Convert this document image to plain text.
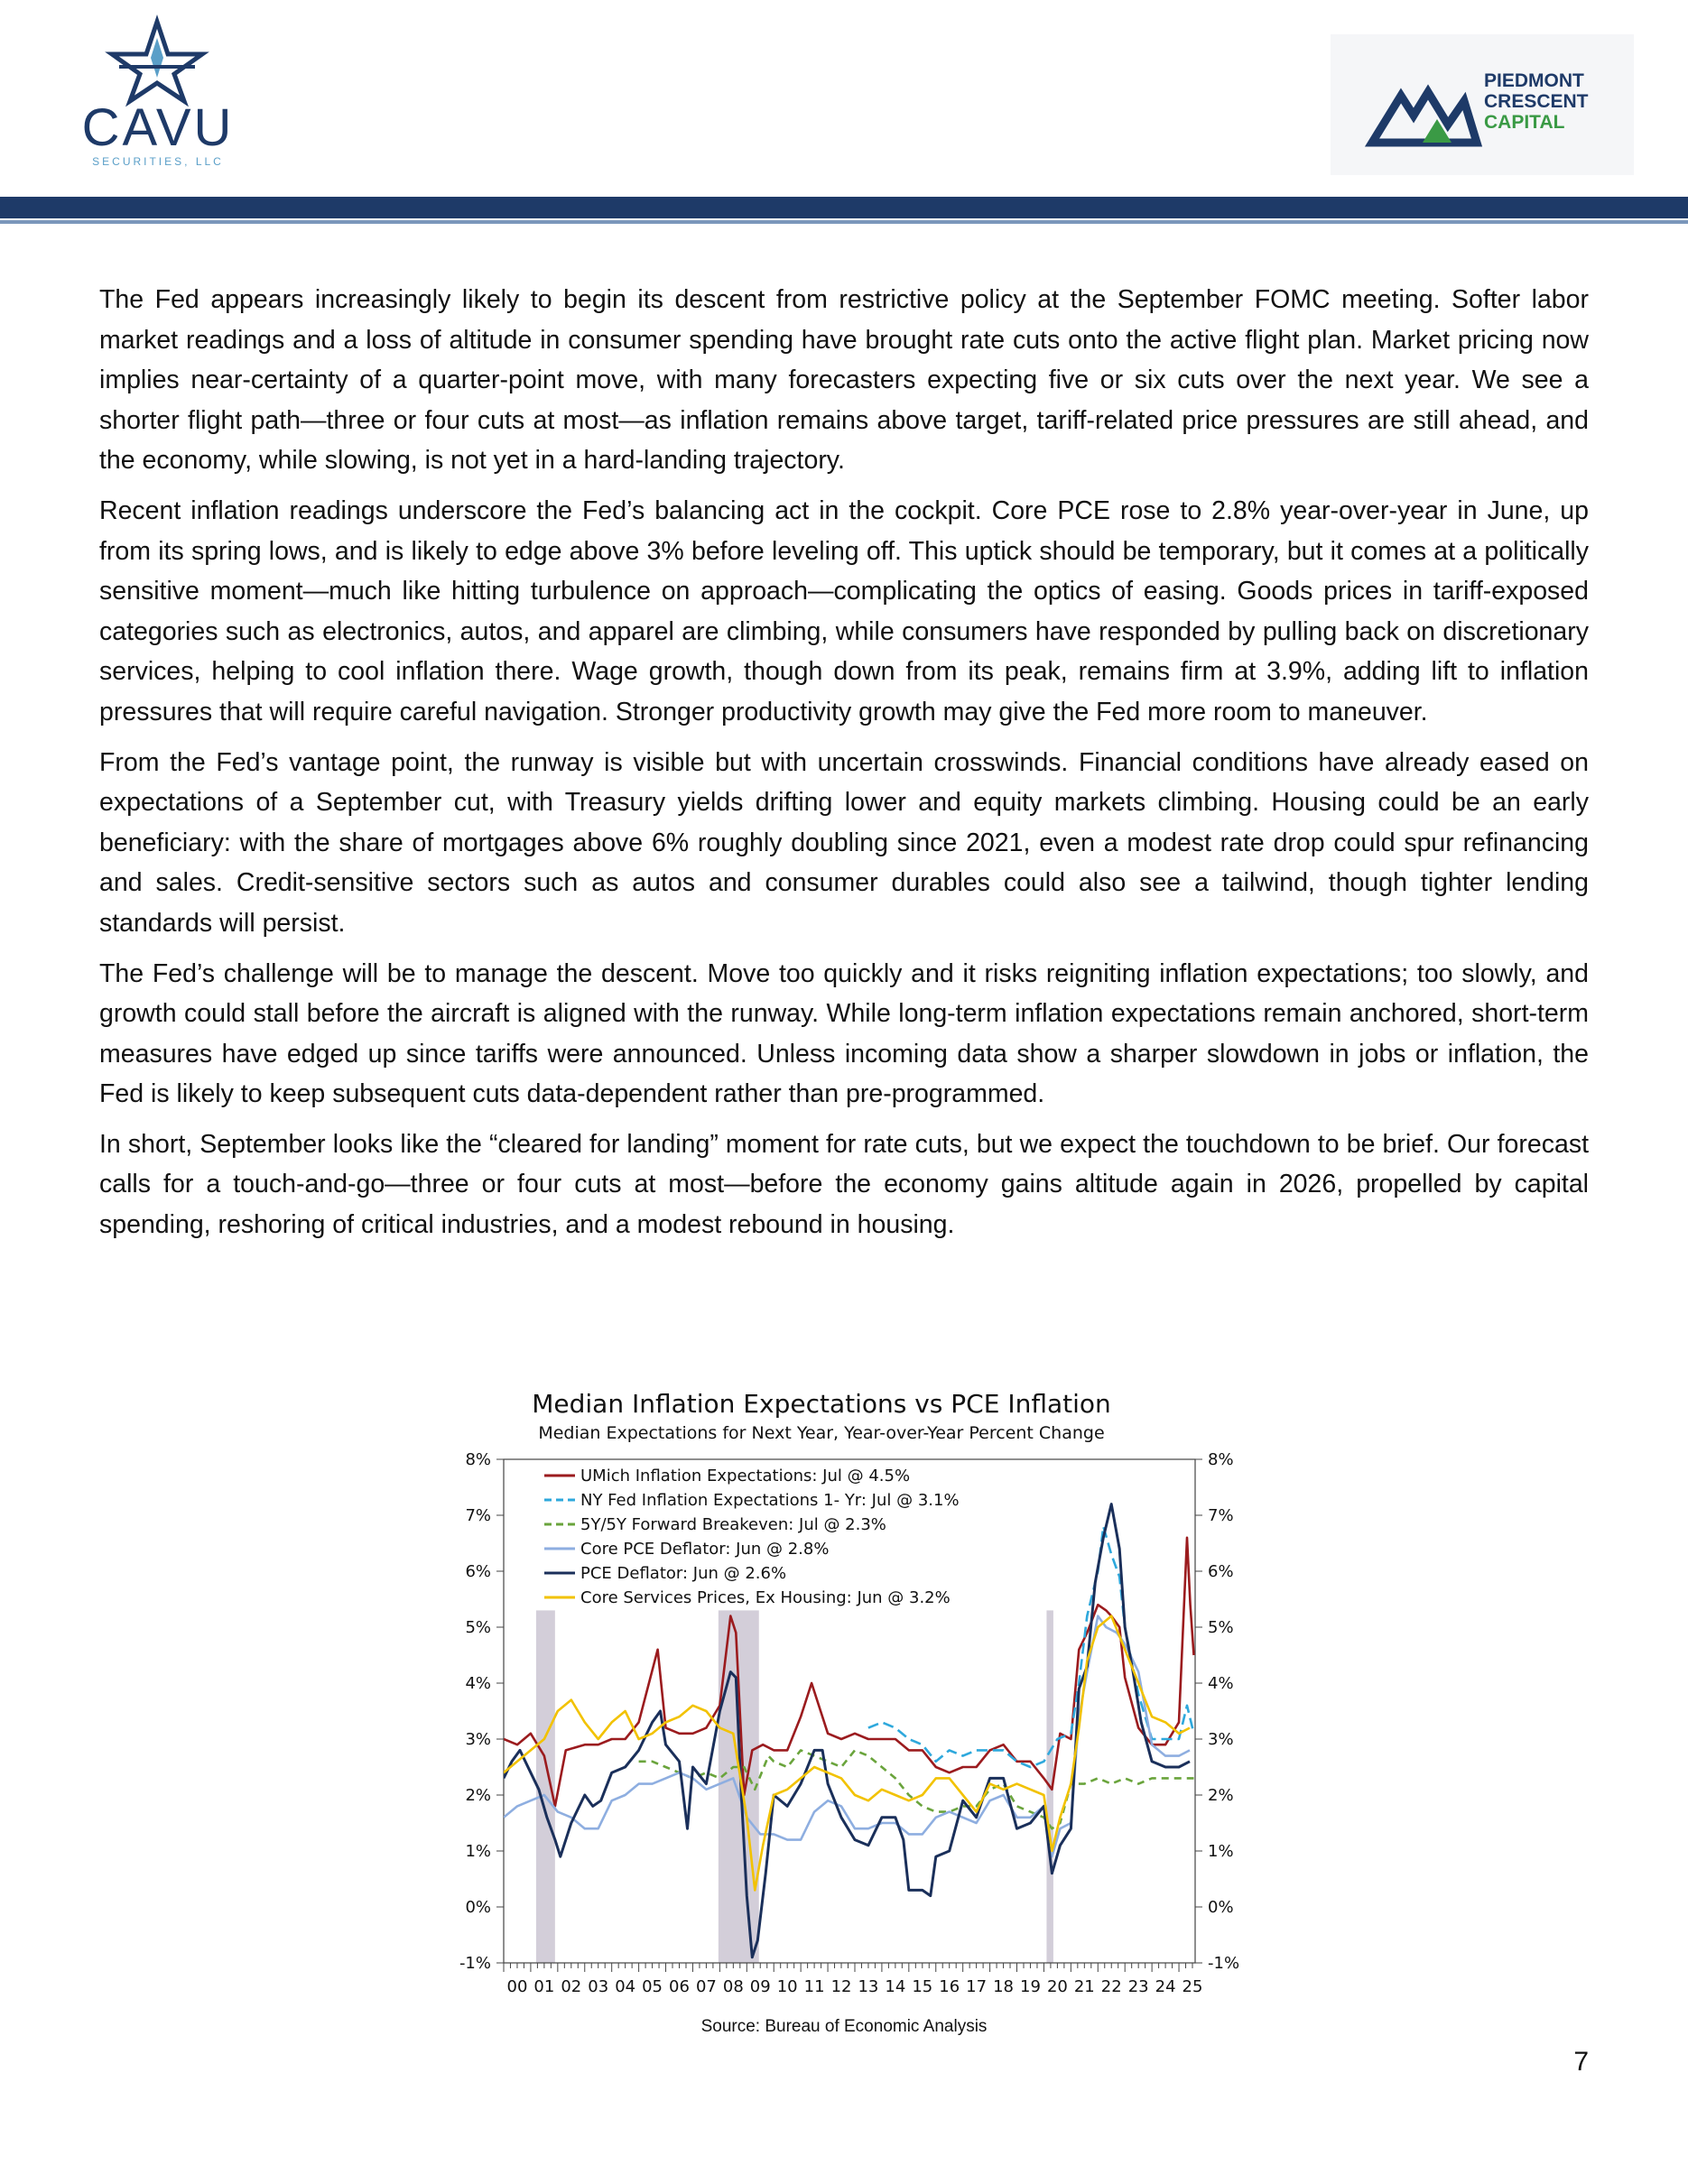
CAVU
SECURITIES, LLC
PIEDMONT
CRESCENT
CAPITAL

The Fed appears increasingly likely to begin its descent from restrictive policy at the September FOMC meeting. Softer labor market readings and a loss of altitude in consumer spending have brought rate cuts onto the active flight plan. Market pricing now implies near-certainty of a quarter-point move, with many forecasters expecting five or six cuts over the next year. We see a shorter flight path—three or four cuts at most—as inflation remains above target, tariff-related price pressures are still ahead, and the economy, while slowing, is not yet in a hard-landing trajectory.

Recent inflation readings underscore the Fed’s balancing act in the cockpit. Core PCE rose to 2.8% year-over-year in June, up from its spring lows, and is likely to edge above 3% before leveling off. This uptick should be temporary, but it comes at a politically sensitive moment—much like hitting turbulence on approach—complicating the optics of easing. Goods prices in tariff-exposed categories such as electronics, autos, and apparel are climbing, while consumers have responded by pulling back on discretionary services, helping to cool inflation there. Wage growth, though down from its peak, remains firm at 3.9%, adding lift to inflation pressures that will require careful navigation. Stronger productivity growth may give the Fed more room to maneuver.

From the Fed’s vantage point, the runway is visible but with uncertain crosswinds. Financial conditions have already eased on expectations of a September cut, with Treasury yields drifting lower and equity markets climbing. Housing could be an early beneficiary: with the share of mortgages above 6% roughly doubling since 2021, even a modest rate drop could spur refinancing and sales. Credit-sensitive sectors such as autos and consumer durables could also see a tailwind, though tighter lending standards will persist.

The Fed’s challenge will be to manage the descent. Move too quickly and it risks reigniting inflation expectations; too slowly, and growth could stall before the aircraft is aligned with the runway. While long-term inflation expectations remain anchored, short-term measures have edged up since tariffs were announced. Unless incoming data show a sharper slowdown in jobs or inflation, the Fed is likely to keep subsequent cuts data-dependent rather than pre-programmed.

In short, September looks like the “cleared for landing” moment for rate cuts, but we expect the touchdown to be brief. Our forecast calls for a touch-and-go—three or four cuts at most—before the economy gains altitude again in 2026, propelled by capital spending, reshoring of critical industries, and a modest rebound in housing.

-1%	-1%
0%	0%
1%	1%
2%	2%
3%	3%
4%	4%
5%	5%
6%	6%
7%	7%
8%	8%
00 01 02 03 04 05 06 07 08 09 10 11 12 13 14 15 16 17 18 19 20 21 22 23 24 25
UMich Inflation Expectations: Jul @ 4.5%
NY Fed Inflation Expectations 1- Yr: Jul @ 3.1%
5Y/5Y Forward Breakeven: Jul @ 2.3%
Core PCE Deflator: Jun @ 2.8%
PCE Deflator: Jun @ 2.6%
Core Services Prices, Ex Housing: Jun @ 3.2%
Median Inflation Expectations vs PCE Inflation
Median Expectations for Next Year, Year-over-Year Percent Change
Source: Bureau of Economic Analysis
7
